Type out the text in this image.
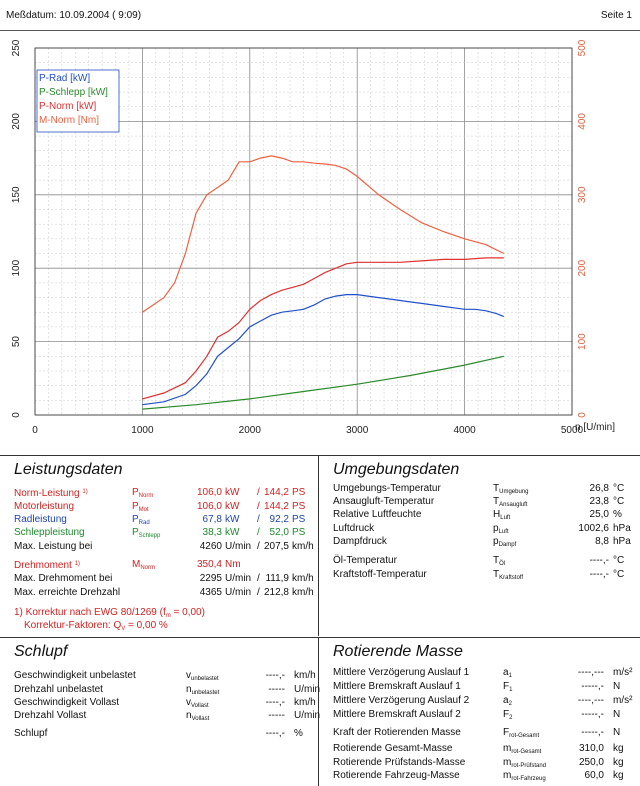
Meßdatum: 10.09.2004 ( 9:09)	Seite 1
0	1000	2000	3000	4000	5000
0
50
100
150
200
250
0
100
200
300
400
500
n [U/min]
P-Rad [kW]
P-Schlepp [kW]
P-Norm [kW]
M-Norm [Nm]
Leistungsdaten
Norm-Leistung $^{1)}$	$P_{Norm}$	106,0 kW / 144,2 PS
Motorleistung	$P_{Mot}$	106,0 kW / 144,2 PS
Radleistung	$P_{Rad}$	67,8 kW / 92,2 PS
Schleppleistung	$P_{Schlepp}$	38,3 kW / 52,0 PS
Max. Leistung bei	4260 U/min / 207,5 km/h
Drehmoment $^{1)}$	$M_{Norm}$	350,4 Nm
Max. Drehmoment bei	2295 U/min / 111,9 km/h
Max. erreichte Drehzahl	4365 U/min / 212,8 km/h
1) Korrektur nach EWG 80/1269 $(f_m = 0,00)$
Korrektur-Faktoren: $Q_V = 0,00$ %
Umgebungsdaten
Umgebungs-Temperatur	$T_{Umgebung}$	26,8 °C
Ansaugluft-Temperatur	$T_{Ansaugluft}$	23,8 °C
Relative Luftfeuchte	$H_{Luft}$	25,0 %
Luftdruck	$p_{Luft}$	1002,6 hPa
Dampfdruck	$p_{Dampf}$	8,8 hPa
Öl-Temperatur	$T_{Öl}$	----,- °C
Kraftstoff-Temperatur	$T_{Kraftstoff}$	----,- °C
Schlupf
Geschwindigkeit unbelastet	$v_{unbelastet}$	----,- km/h
Drehzahl unbelastet	$n_{unbelastet}$	----- U/min
Geschwindigkeit Vollast	$v_{Vollast}$	----,- km/h
Drehzahl Vollast	$n_{Vollast}$	----- U/min
Schlupf	----,- %
Rotierende Masse
Mittlere Verzögerung Auslauf 1	$a_1$	----,--- m/s²
Mittlere Bremskraft Auslauf 1	$F_1$	-----,- N
Mittlere Verzögerung Auslauf 2	$a_2$	----,--- m/s²
Mittlere Bremskraft Auslauf 2	$F_2$	-----,- N
Kraft der Rotierenden Masse	$F_{rot-Gesamt}$	-----,- N
Rotierende Gesamt-Masse	$m_{rot-Gesamt}$	310,0 kg
Rotierende Prüfstands-Masse	$m_{rot-Prüfstand}$	250,0 kg
Rotierende Fahrzeug-Masse	$m_{rot-Fahrzeug}$	60,0 kg
